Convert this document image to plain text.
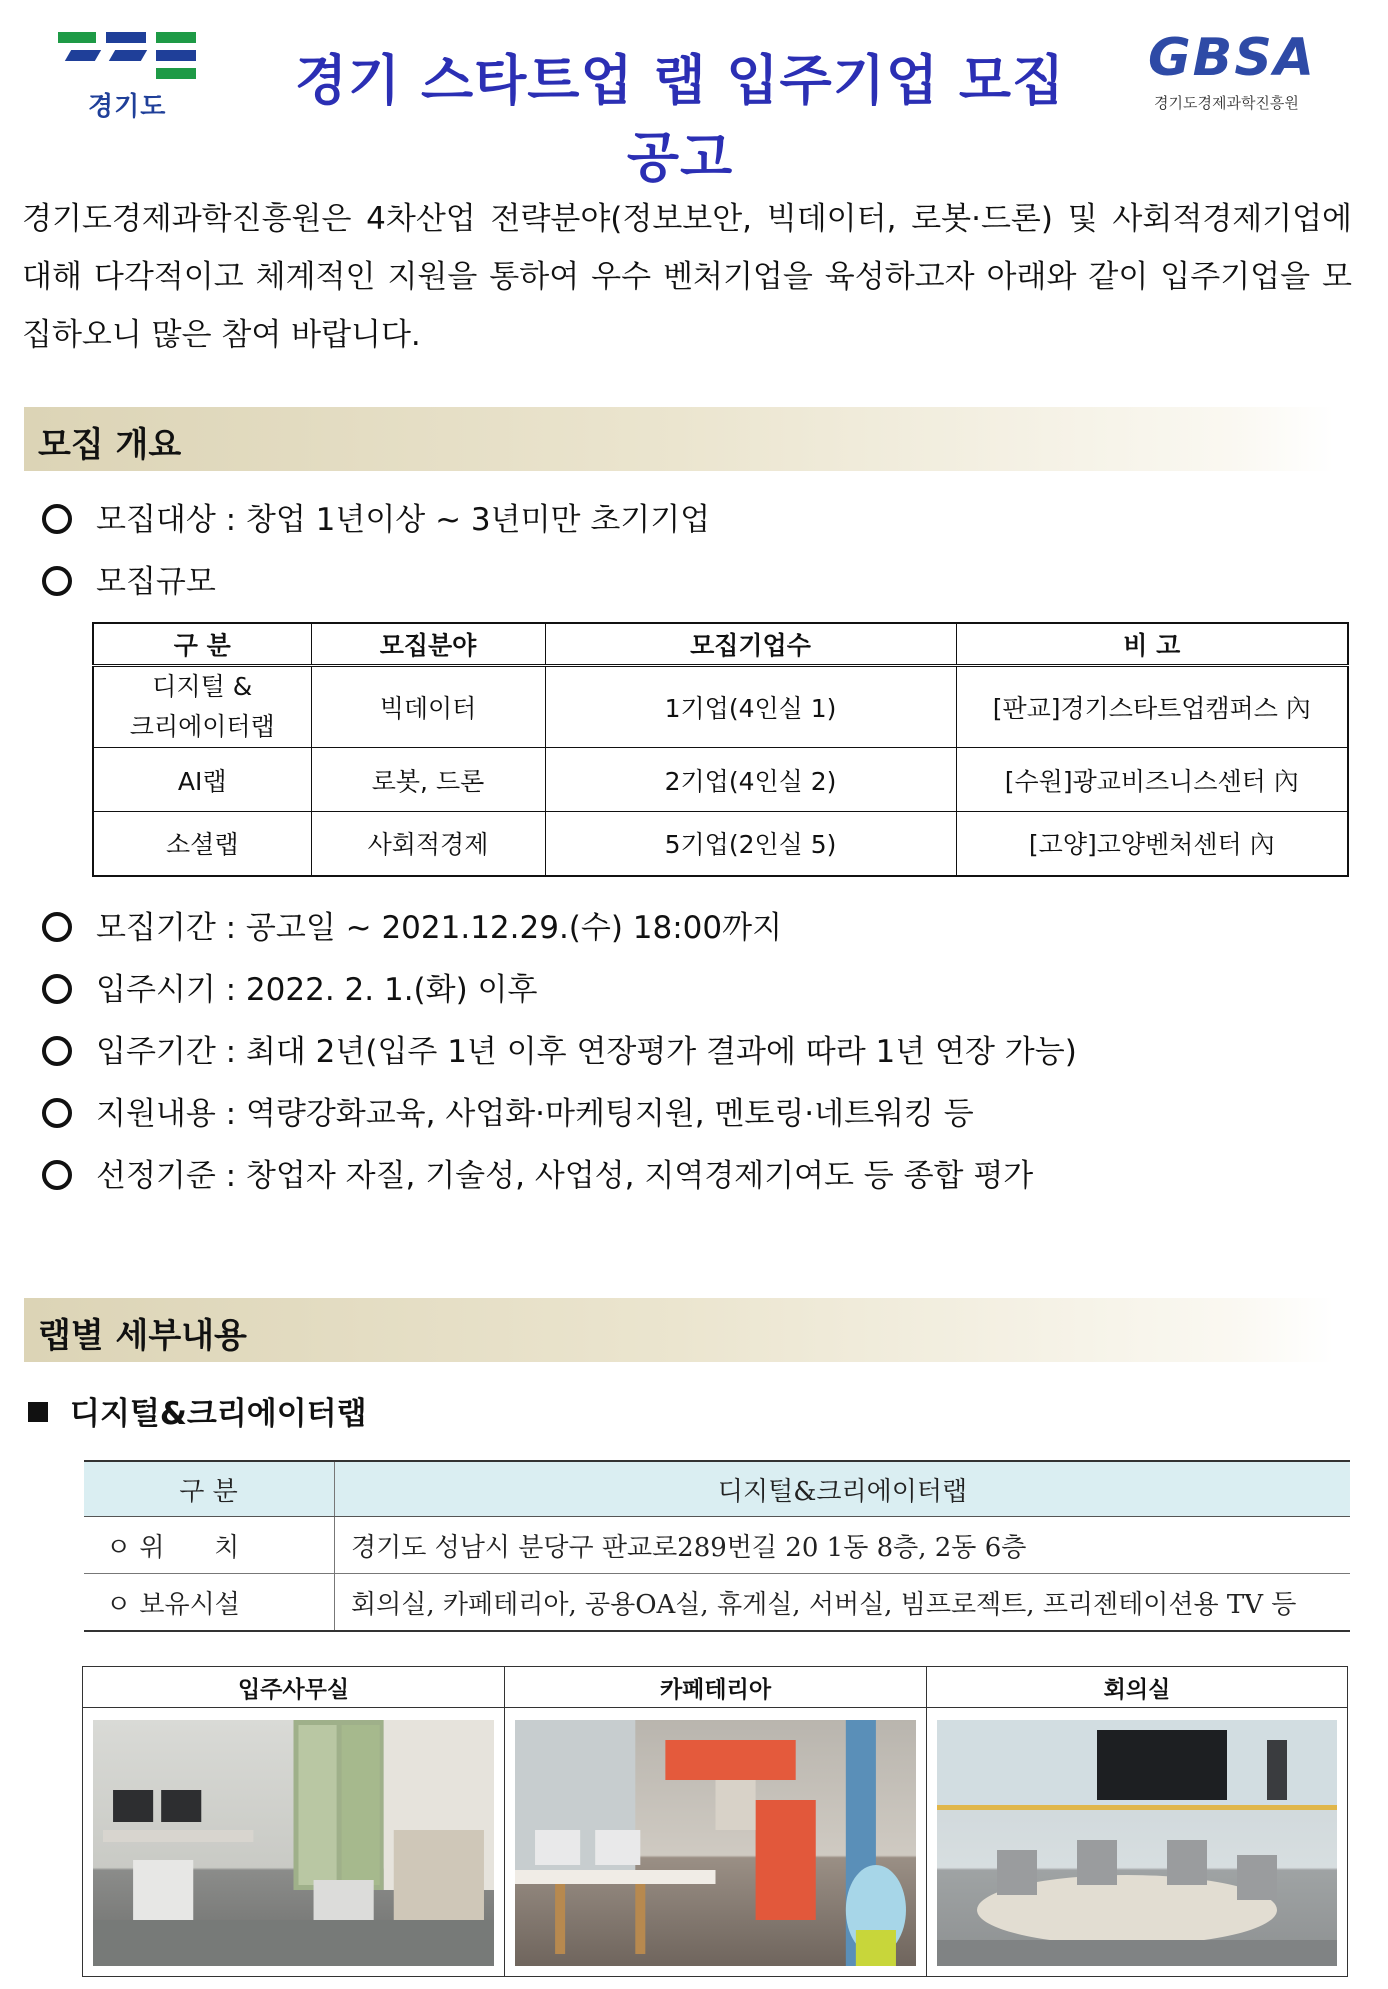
경기도	경기 스타트업 랩 입주기업 모집공고
GBSA
경기도경제과학진흥원
경기도경제과학진흥원은 4차산업 전략분야(정보보안, 빅데이터, 로봇·드론) 및 사회적경제기업에 대해 다각적이고 체계적인 지원을 통하여 우수 벤처기업을 육성하고자 아래와 같이 입주기업을 모집하오니 많은 참여 바랍니다.
모집 개요
모집대상 : 창업 1년이상 ~ 3년미만 초기기업
모집규모
구 분	모집분야	모집기업수	비 고

디지털 &
크리에이터랩	빅데이터	1기업(4인실 1)	[판교]경기스타트업캠퍼스 內
AI랩	로봇, 드론	2기업(4인실 2)	[수원]광교비즈니스센터 內
소셜랩	사회적경제	5기업(2인실 5)	[고양]고양벤처센터 內
모집기간 : 공고일 ~ 2021.12.29.(수) 18:00까지
입주시기 : 2022. 2. 1.(화) 이후
입주기간 : 최대 2년(입주 1년 이후 연장평가 결과에 따라 1년 연장 가능)
지원내용 : 역량강화교육, 사업화·마케팅지원, 멘토링·네트워킹 등
선정기준 : 창업자 자질, 기술성, 사업성, 지역경제기여도 등 종합 평가
랩별 세부내용
디지털&크리에이터랩
구 분	디지털&크리에이터랩
ㅇ 위      치	경기도 성남시 분당구 판교로289번길 20 1동 8층, 2동 6층
ㅇ 보유시설	회의실, 카페테리아, 공용OA실, 휴게실, 서버실, 빔프로젝트, 프리젠테이션용 TV 등
입주사무실	카페테리아	회의실
